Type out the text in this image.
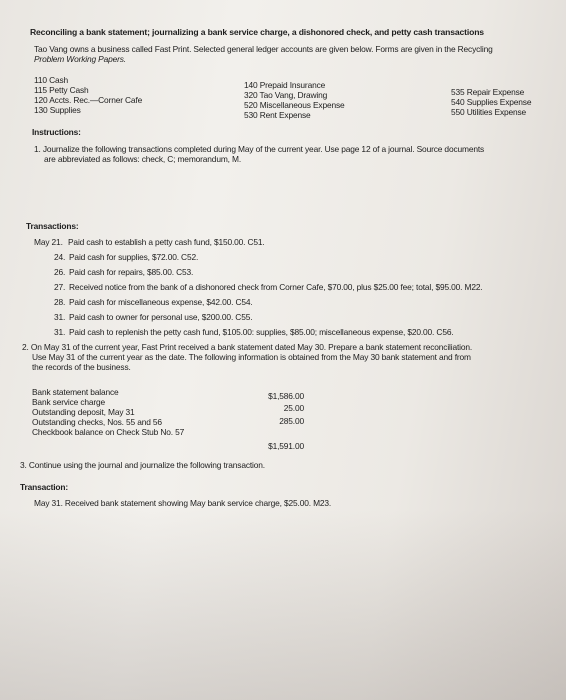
Reconciling a bank statement; journalizing a bank service charge, a dishonored check, and petty cash transactions
Tao Vang owns a business called Fast Print. Selected general ledger accounts are given below. Forms are given in the Recycling
Problem Working Papers.
110 Cash
115 Petty Cash
120 Accts. Rec.—Corner Cafe
130 Supplies
140 Prepaid Insurance
320 Tao Vang, Drawing
520 Miscellaneous Expense
530 Rent Expense
535 Repair Expense
540 Supplies Expense
550 Utilities Expense
Instructions:
1. Journalize the following transactions completed during May of the current year. Use page 12 of a journal. Source documents
are abbreviated as follows: check, C; memorandum, M.
Transactions:
May 21. Paid cash to establish a petty cash fund, $150.00. C51.
24. Paid cash for supplies, $72.00. C52.
26. Paid cash for repairs, $85.00. C53.
27. Received notice from the bank of a dishonored check from Corner Cafe, $70.00, plus $25.00 fee; total, $95.00. M22.
28. Paid cash for miscellaneous expense, $42.00. C54.
31. Paid cash to owner for personal use, $200.00. C55.
31. Paid cash to replenish the petty cash fund, $105.00: supplies, $85.00; miscellaneous expense, $20.00. C56.
2. On May 31 of the current year, Fast Print received a bank statement dated May 30. Prepare a bank statement reconciliation.
Use May 31 of the current year as the date. The following information is obtained from the May 30 bank statement and from
the records of the business.
Bank statement balance	$1,586.00
Bank service charge
25.00
Outstanding deposit, May 31
285.00
Outstanding checks, Nos. 55 and 56
Checkbook balance on Check Stub No. 57
$1,591.00
3. Continue using the journal and journalize the following transaction.
Transaction:
May 31. Received bank statement showing May bank service charge, $25.00. M23.
